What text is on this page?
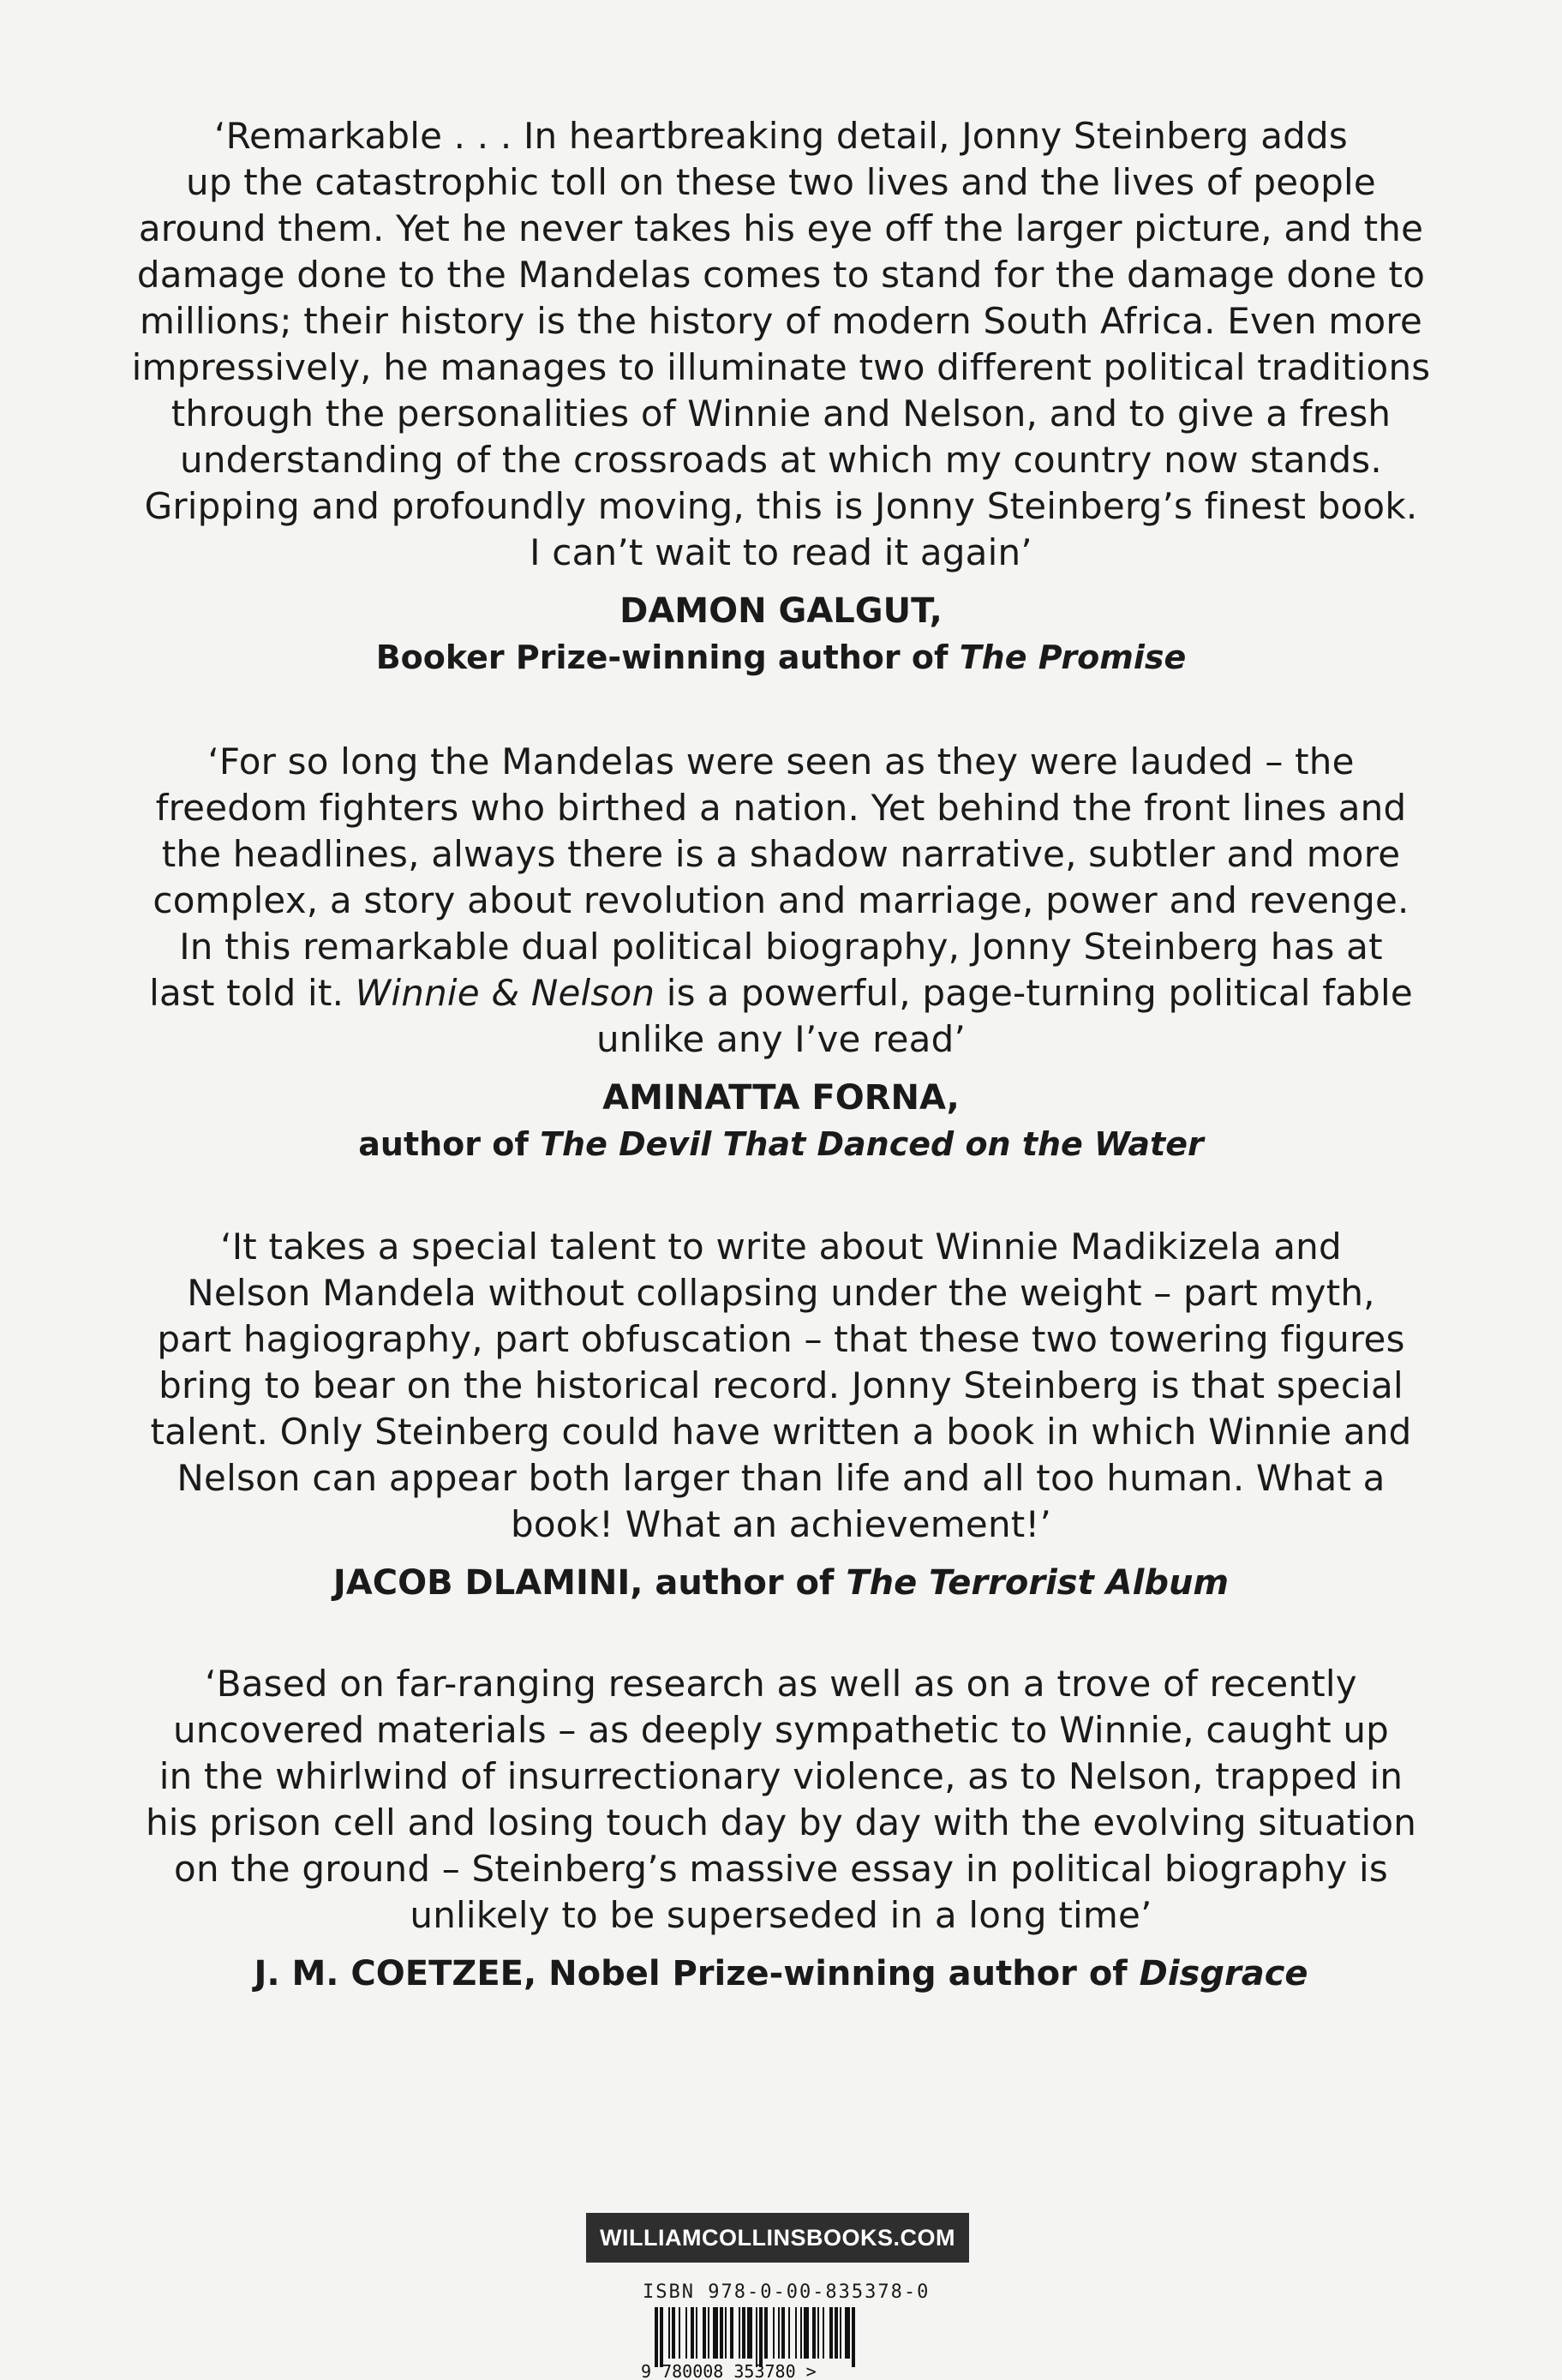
‘Remarkable . . . In heartbreaking detail, Jonny Steinberg adds
up the catastrophic toll on these two lives and the lives of people
around them. Yet he never takes his eye off the larger picture, and the
damage done to the Mandelas comes to stand for the damage done to
millions; their history is the history of modern South Africa. Even more
impressively, he manages to illuminate two different political traditions
through the personalities of Winnie and Nelson, and to give a fresh
understanding of the crossroads at which my country now stands.
Gripping and profoundly moving, this is Jonny Steinberg’s finest book.
I can’t wait to read it again’

DAMON GALGUT,
Booker Prize-winning author of The Promise

‘For so long the Mandelas were seen as they were lauded – the
freedom fighters who birthed a nation. Yet behind the front lines and
the headlines, always there is a shadow narrative, subtler and more
complex, a story about revolution and marriage, power and revenge.
In this remarkable dual political biography, Jonny Steinberg has at
last told it. Winnie & Nelson is a powerful, page-turning political fable
unlike any I’ve read’

AMINATTA FORNA,
author of The Devil That Danced on the Water

‘It takes a special talent to write about Winnie Madikizela and
Nelson Mandela without collapsing under the weight – part myth,
part hagiography, part obfuscation – that these two towering figures
bring to bear on the historical record. Jonny Steinberg is that special
talent. Only Steinberg could have written a book in which Winnie and
Nelson can appear both larger than life and all too human. What a
book! What an achievement!’

JACOB DLAMINI, author of The Terrorist Album

‘Based on far-ranging research as well as on a trove of recently
uncovered materials – as deeply sympathetic to Winnie, caught up
in the whirlwind of insurrectionary violence, as to Nelson, trapped in
his prison cell and losing touch day by day with the evolving situation
on the ground – Steinberg’s massive essay in political biography is
unlikely to be superseded in a long time’

J. M. COETZEE, Nobel Prize-winning author of Disgrace
WILLIAMCOLLINSBOOKS.COM
ISBN 978-0-00-835378-0
9 780008 353780 >
